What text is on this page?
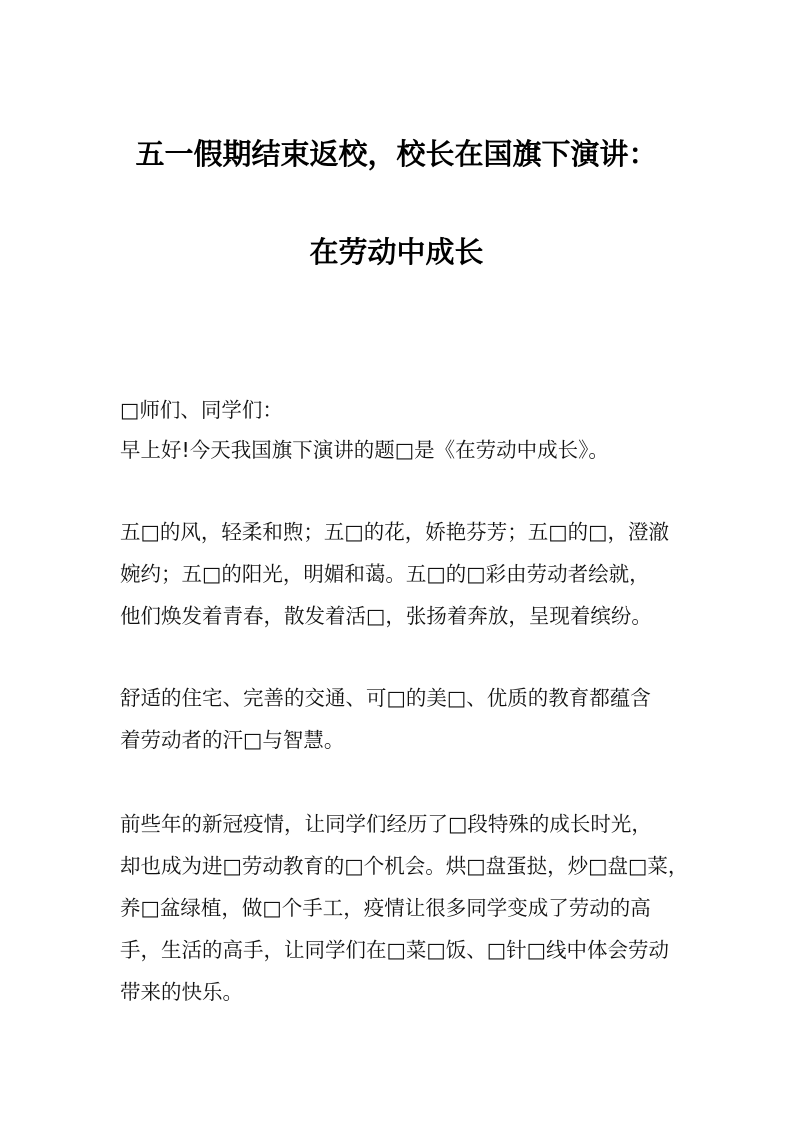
五一假期结束返校，校长在国旗下演讲：
在劳动中成长
□师们、同学们：
早上好!今天我国旗下演讲的题□是《在劳动中成长》。
五□的风，轻柔和煦；五□的花，娇艳芬芳；五□的□，澄澈
婉约；五□的阳光，明媚和蔼。五□的□彩由劳动者绘就，
他们焕发着青春，散发着活□，张扬着奔放，呈现着缤纷。
舒适的住宅、完善的交通、可□的美□、优质的教育都蕴含
着劳动者的汗□与智慧。
前些年的新冠疫情，让同学们经历了□段特殊的成长时光，
却也成为进□劳动教育的□个机会。烘□盘蛋挞，炒□盘□菜，
养□盆绿植，做□个手工，疫情让很多同学变成了劳动的高
手，生活的高手，让同学们在□菜□饭、□针□线中体会劳动
带来的快乐。
